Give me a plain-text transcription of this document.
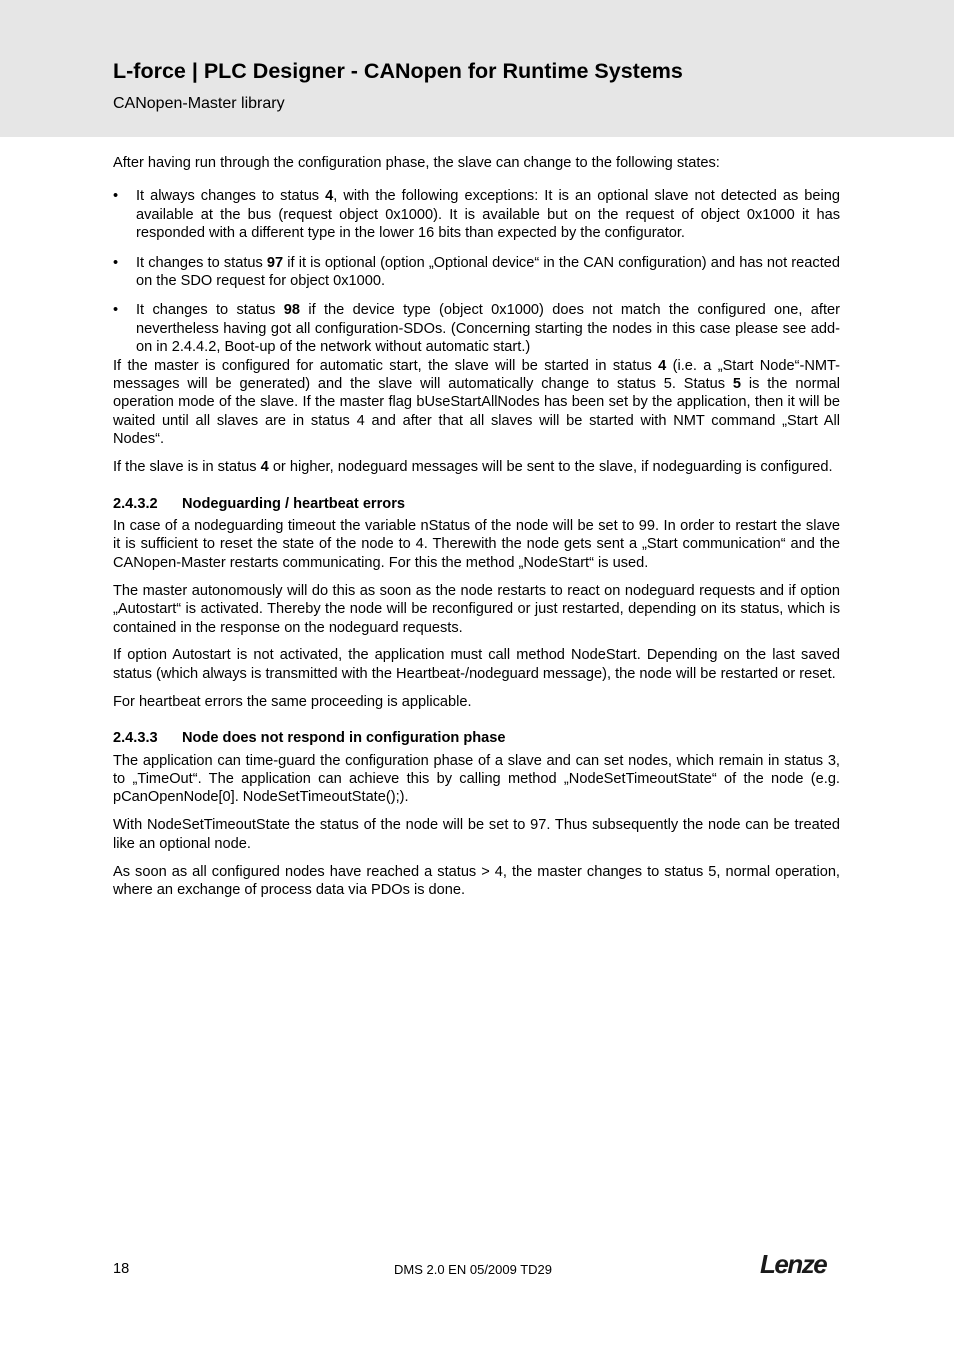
L-force | PLC Designer - CANopen for Runtime Systems
CANopen-Master library

After having run through the configuration phase, the slave can change to the following states:

• It always changes to status 4, with the following exceptions: It is an optional slave not detected as being available at the bus (request object 0x1000). It is available but on the request of object 0x1000 it has responded with a different type in the lower 16 bits than expected by the configurator.
• It changes to status 97 if it is optional (option „Optional device“ in the CAN configuration) and has not reacted on the SDO request for object 0x1000.
• It changes to status 98 if the device type (object 0x1000) does not match the configured one, after nevertheless having got all configuration-SDOs. (Concerning starting the nodes in this case please see add-on in 2.4.4.2, Boot-up of the network without automatic start.)

If the master is configured for automatic start, the slave will be started in status 4 (i.e. a „Start Node“-NMT-messages will be generated) and the slave will automatically change to status 5. Status 5 is the normal operation mode of the slave. If the master flag bUseStartAllNodes has been set by the application, then it will be waited until all slaves are in status 4 and after that all slaves will be started with NMT command „Start All Nodes“.

If the slave is in status 4 or higher, nodeguard messages will be sent to the slave, if nodeguarding is configured.

2.4.3.2 Nodeguarding / heartbeat errors

In case of a nodeguarding timeout the variable nStatus of the node will be set to 99. In order to restart the slave it is sufficient to reset the state of the node to 4. Therewith the node gets sent a „Start communication“ and the CANopen-Master restarts communicating. For this the method „NodeStart“ is used.

The master autonomously will do this as soon as the node restarts to react on nodeguard requests and if option „Autostart“ is activated. Thereby the node will be reconfigured or just restarted, depending on its status, which is contained in the response on the nodeguard requests.

If option Autostart is not activated, the application must call method NodeStart. Depending on the last saved status (which always is transmitted with the Heartbeat-/nodeguard message), the node will be restarted or reset.

For heartbeat errors the same proceeding is applicable.

2.4.3.3 Node does not respond in configuration phase

The application can time-guard the configuration phase of a slave and can set nodes, which remain in status 3, to „TimeOut“. The application can achieve this by calling method „NodeSetTimeoutState“ of the node (e.g. pCanOpenNode[0]. NodeSetTimeoutState();).

With NodeSetTimeoutState the status of the node will be set to 97. Thus subsequently the node can be treated like an optional node.

As soon as all configured nodes have reached a status > 4, the master changes to status 5, normal operation, where an exchange of process data via PDOs is done.

18	DMS 2.0 EN 05/2009 TD29	Lenze
